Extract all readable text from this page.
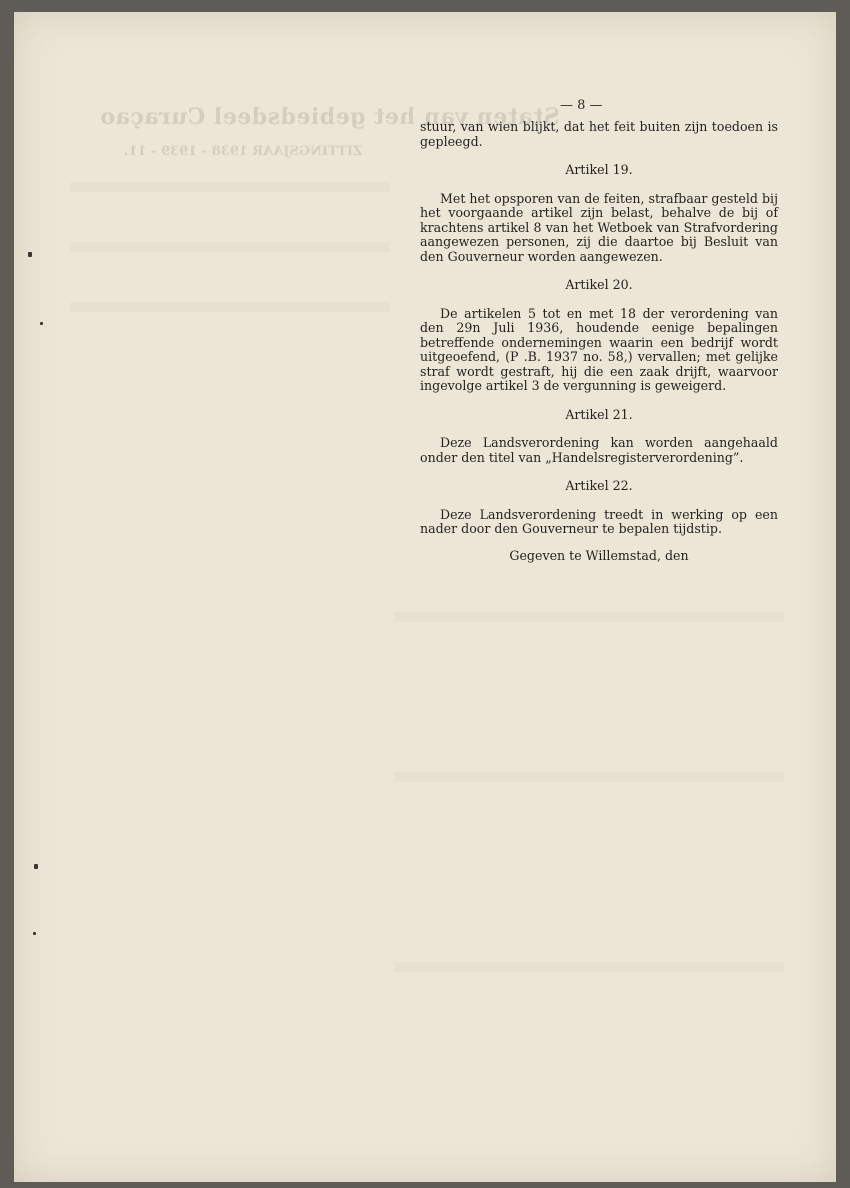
Staten van het gebiedsdeel Curaçao
ZITTINGSJAAR 1938 - 1939 - 11.
— 8 —

stuur, van wien blijkt, dat het feit buiten zijn toedoen is gepleegd.

Artikel 19.

Met het opsporen van de feiten, strafbaar gesteld bij het voorgaande artikel zijn belast, behalve de bij of krachtens artikel 8 van het Wetboek van Strafvordering aangewezen personen, zij die daartoe bij Besluit van den Gouverneur worden aangewezen.

Artikel 20.

De artikelen 5 tot en met 18 der verordening van den 29n Juli 1936, houdende eenige bepalingen betreffende ondernemingen waarin een bedrijf wordt uitgeoefend, (P .B. 1937 no. 58,) vervallen; met gelijke straf wordt gestraft, hij die een zaak drijft, waarvoor ingevolge artikel 3 de vergunning is geweigerd.

Artikel 21.

Deze Landsverordening kan worden aangehaald onder den titel van „Handelsregisterverordening”.

Artikel 22.

Deze Landsverordening treedt in werking op een nader door den Gouverneur te bepalen tijdstip.

Gegeven te Willemstad, den
